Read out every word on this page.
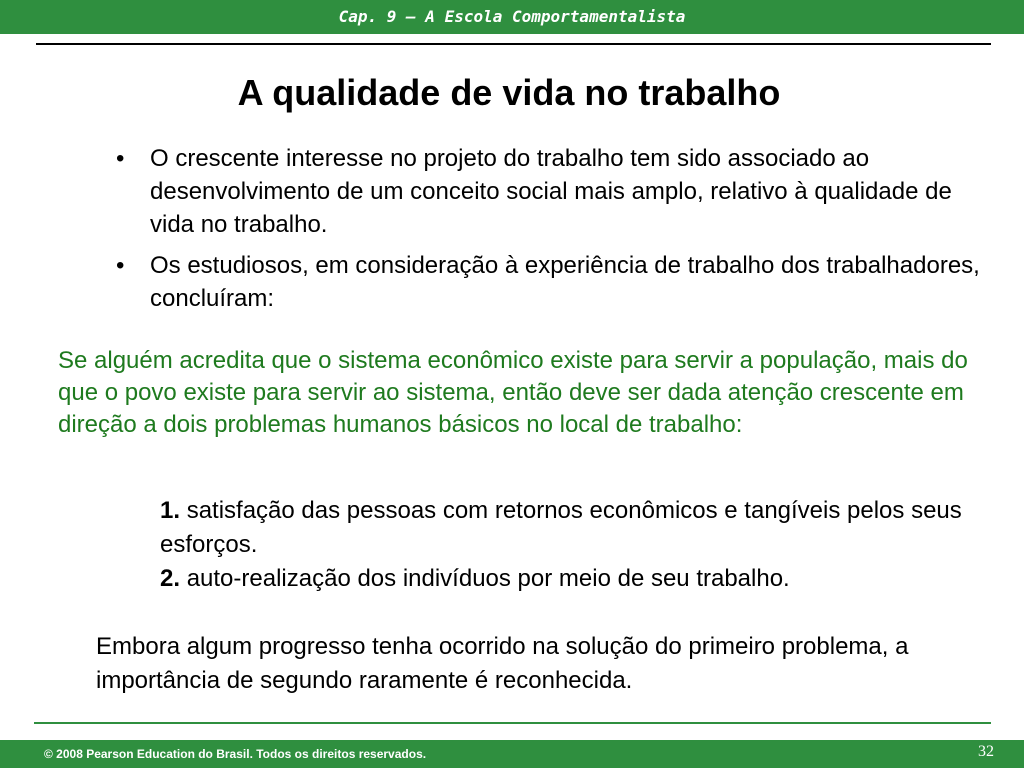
Cap. 9 – A Escola Comportamentalista
A qualidade de vida no trabalho
• O crescente interesse no projeto do trabalho tem sido associado ao desenvolvimento de um conceito social mais amplo, relativo à qualidade de vida no trabalho.
• Os estudiosos, em consideração à experiência de trabalho dos trabalhadores, concluíram:
Se alguém acredita que o sistema econômico existe para servir a população, mais do que o povo existe para servir ao sistema, então deve ser dada atenção crescente em direção a dois problemas humanos básicos no local de trabalho:
1. satisfação das pessoas com retornos econômicos e tangíveis pelos seus esforços.
2. auto-realização dos indivíduos por meio de seu trabalho.
Embora algum progresso tenha ocorrido na solução do primeiro problema, a importância de segundo raramente é reconhecida.
© 2008 Pearson Education do Brasil. Todos os direitos reservados.	32
